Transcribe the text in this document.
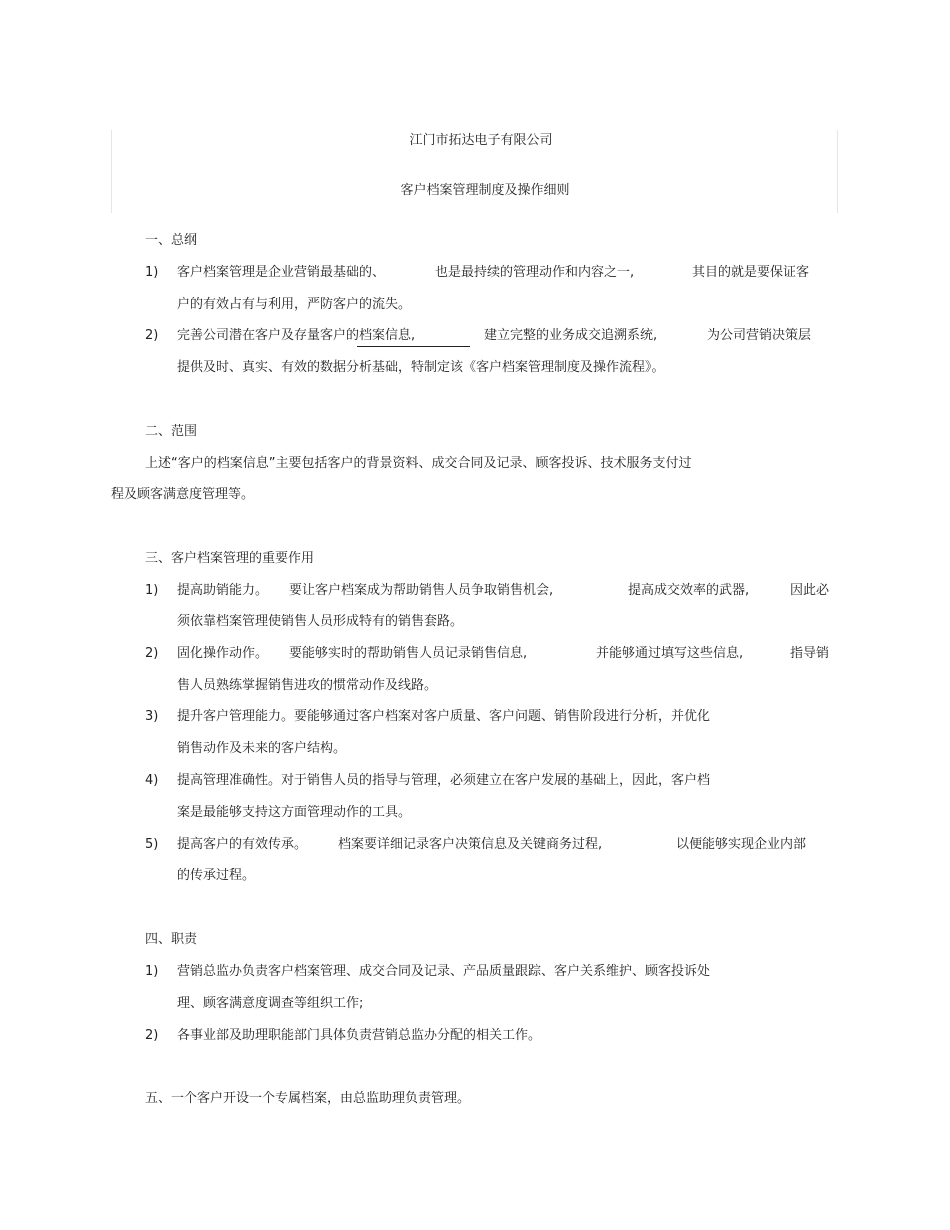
江门市拓达电子有限公司
客户档案管理制度及操作细则
一、总纲
1) 客户档案管理是企业营销最基础的、	也是最持续的管理动作和内容之一,	其目的就是要保证客
户的有效占有与利用，严防客户的流失。
2) 完善公司潜在客户及存量客户的档案信息,	建立完整的业务成交追溯系统,	为公司营销决策层
提供及时、真实、有效的数据分析基础，特制定该《客户档案管理制度及操作流程》。
二、范围
上述“客户的档案信息”主要包括客户的背景资料、成交合同及记录、顾客投诉、技术服务支付过
程及顾客满意度管理等。
三、客户档案管理的重要作用
1) 提高助销能力。 要让客户档案成为帮助销售人员争取销售机会,	提高成交效率的武器,	因此必
须依靠档案管理使销售人员形成特有的销售套路。
2) 固化操作动作。 要能够实时的帮助销售人员记录销售信息,	并能够通过填写这些信息,	指导销
售人员熟练掌握销售进攻的惯常动作及线路。
3) 提升客户管理能力。要能够通过客户档案对客户质量、客户问题、销售阶段进行分析，并优化
销售动作及未来的客户结构。
4) 提高管理准确性。对于销售人员的指导与管理，必须建立在客户发展的基础上，因此，客户档
案是最能够支持这方面管理动作的工具。
5) 提高客户的有效传承。 档案要详细记录客户决策信息及关键商务过程,	以便能够实现企业内部
的传承过程。
四、职责
1) 营销总监办负责客户档案管理、成交合同及记录、产品质量跟踪、客户关系维护、顾客投诉处
理、顾客满意度调查等组织工作;
2) 各事业部及助理职能部门具体负责营销总监办分配的相关工作。
五、一个客户开设一个专属档案，由总监助理负责管理。
